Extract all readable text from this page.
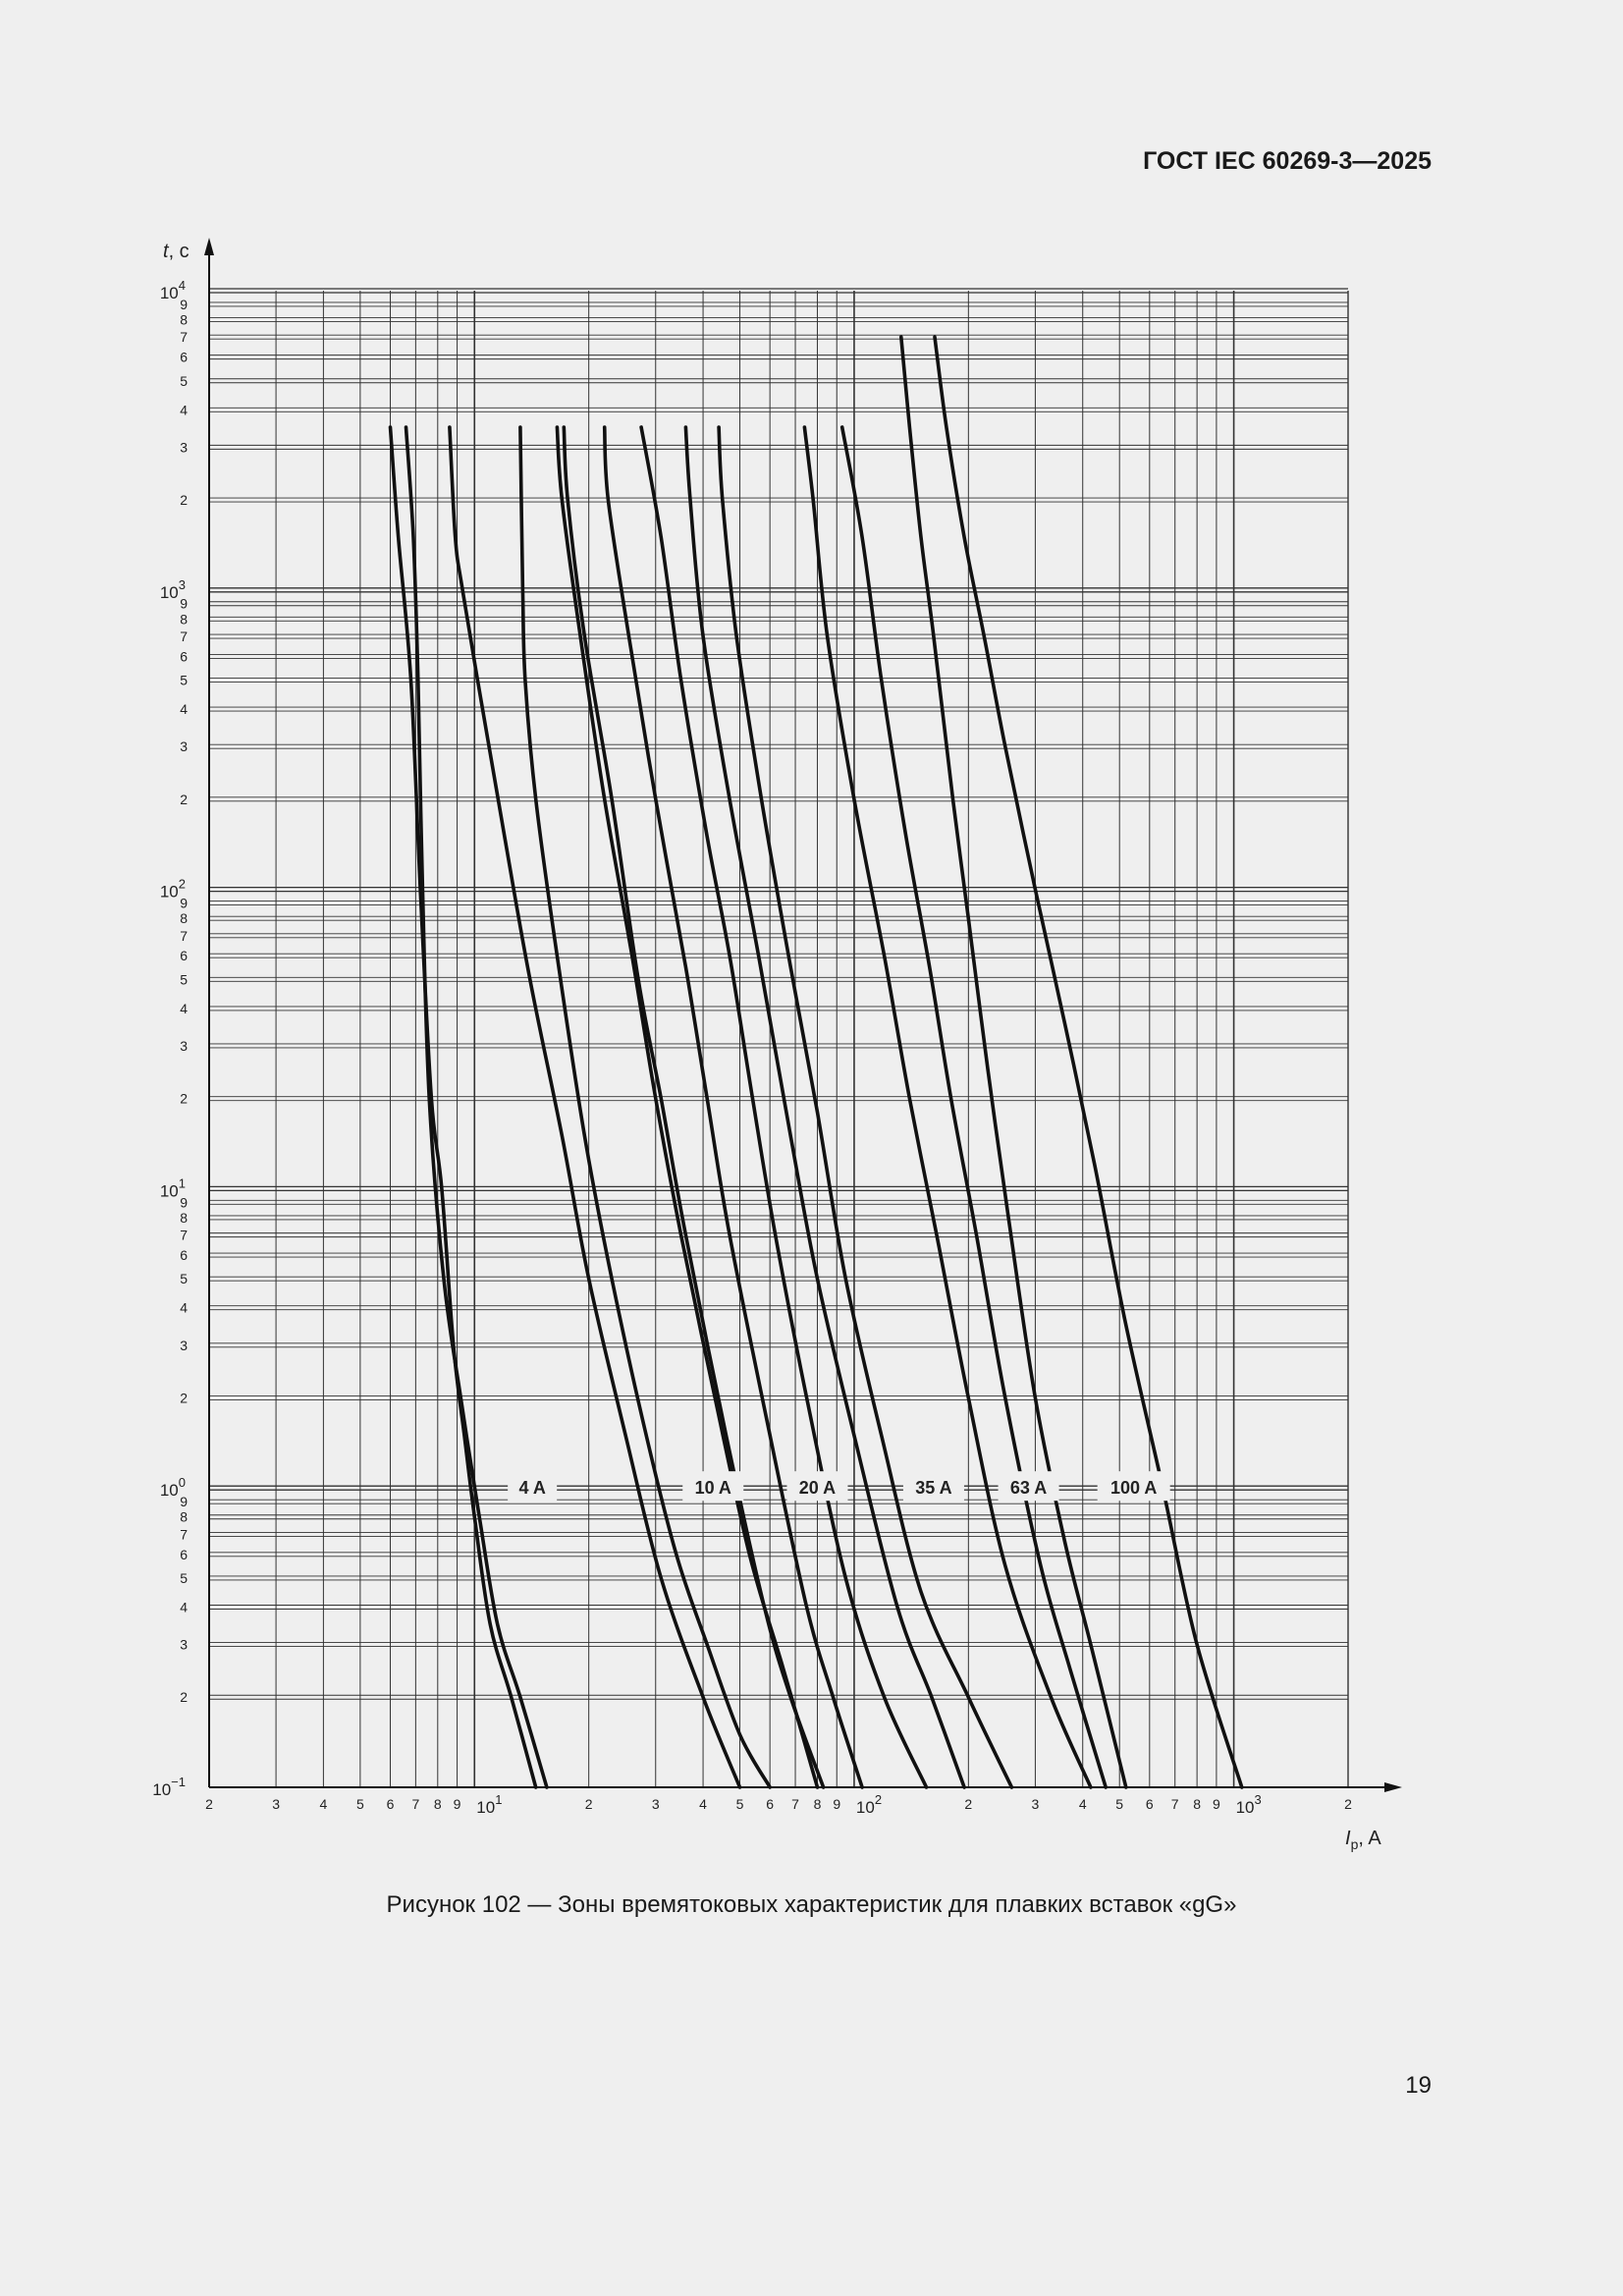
ГОСТ IEC 60269-3—2025
2	3	4 5 6 7 8 9	2	3	4 5 6 7 8 9	2	3	4 5 6 7 8 9	2
$10^1$	$10^2$	$10^3$
2
3
4
5
6
7
8
9
2
3
4
5
6
7
8
9
2
3
4
5
6
7
8
9
2
3
4
5
6
7
8
9
2
3
4
5
6
7
8
9
$10^{-1}$
$10^0$
$10^1$
$10^2$
$10^3$
$10^4$
$I_p$, A
t, с
4 A	10 A	20 A	35 A	63 A	100 A
Рисунок 102 — Зоны времятоковых характеристик для плавких вставок «gG»
19
